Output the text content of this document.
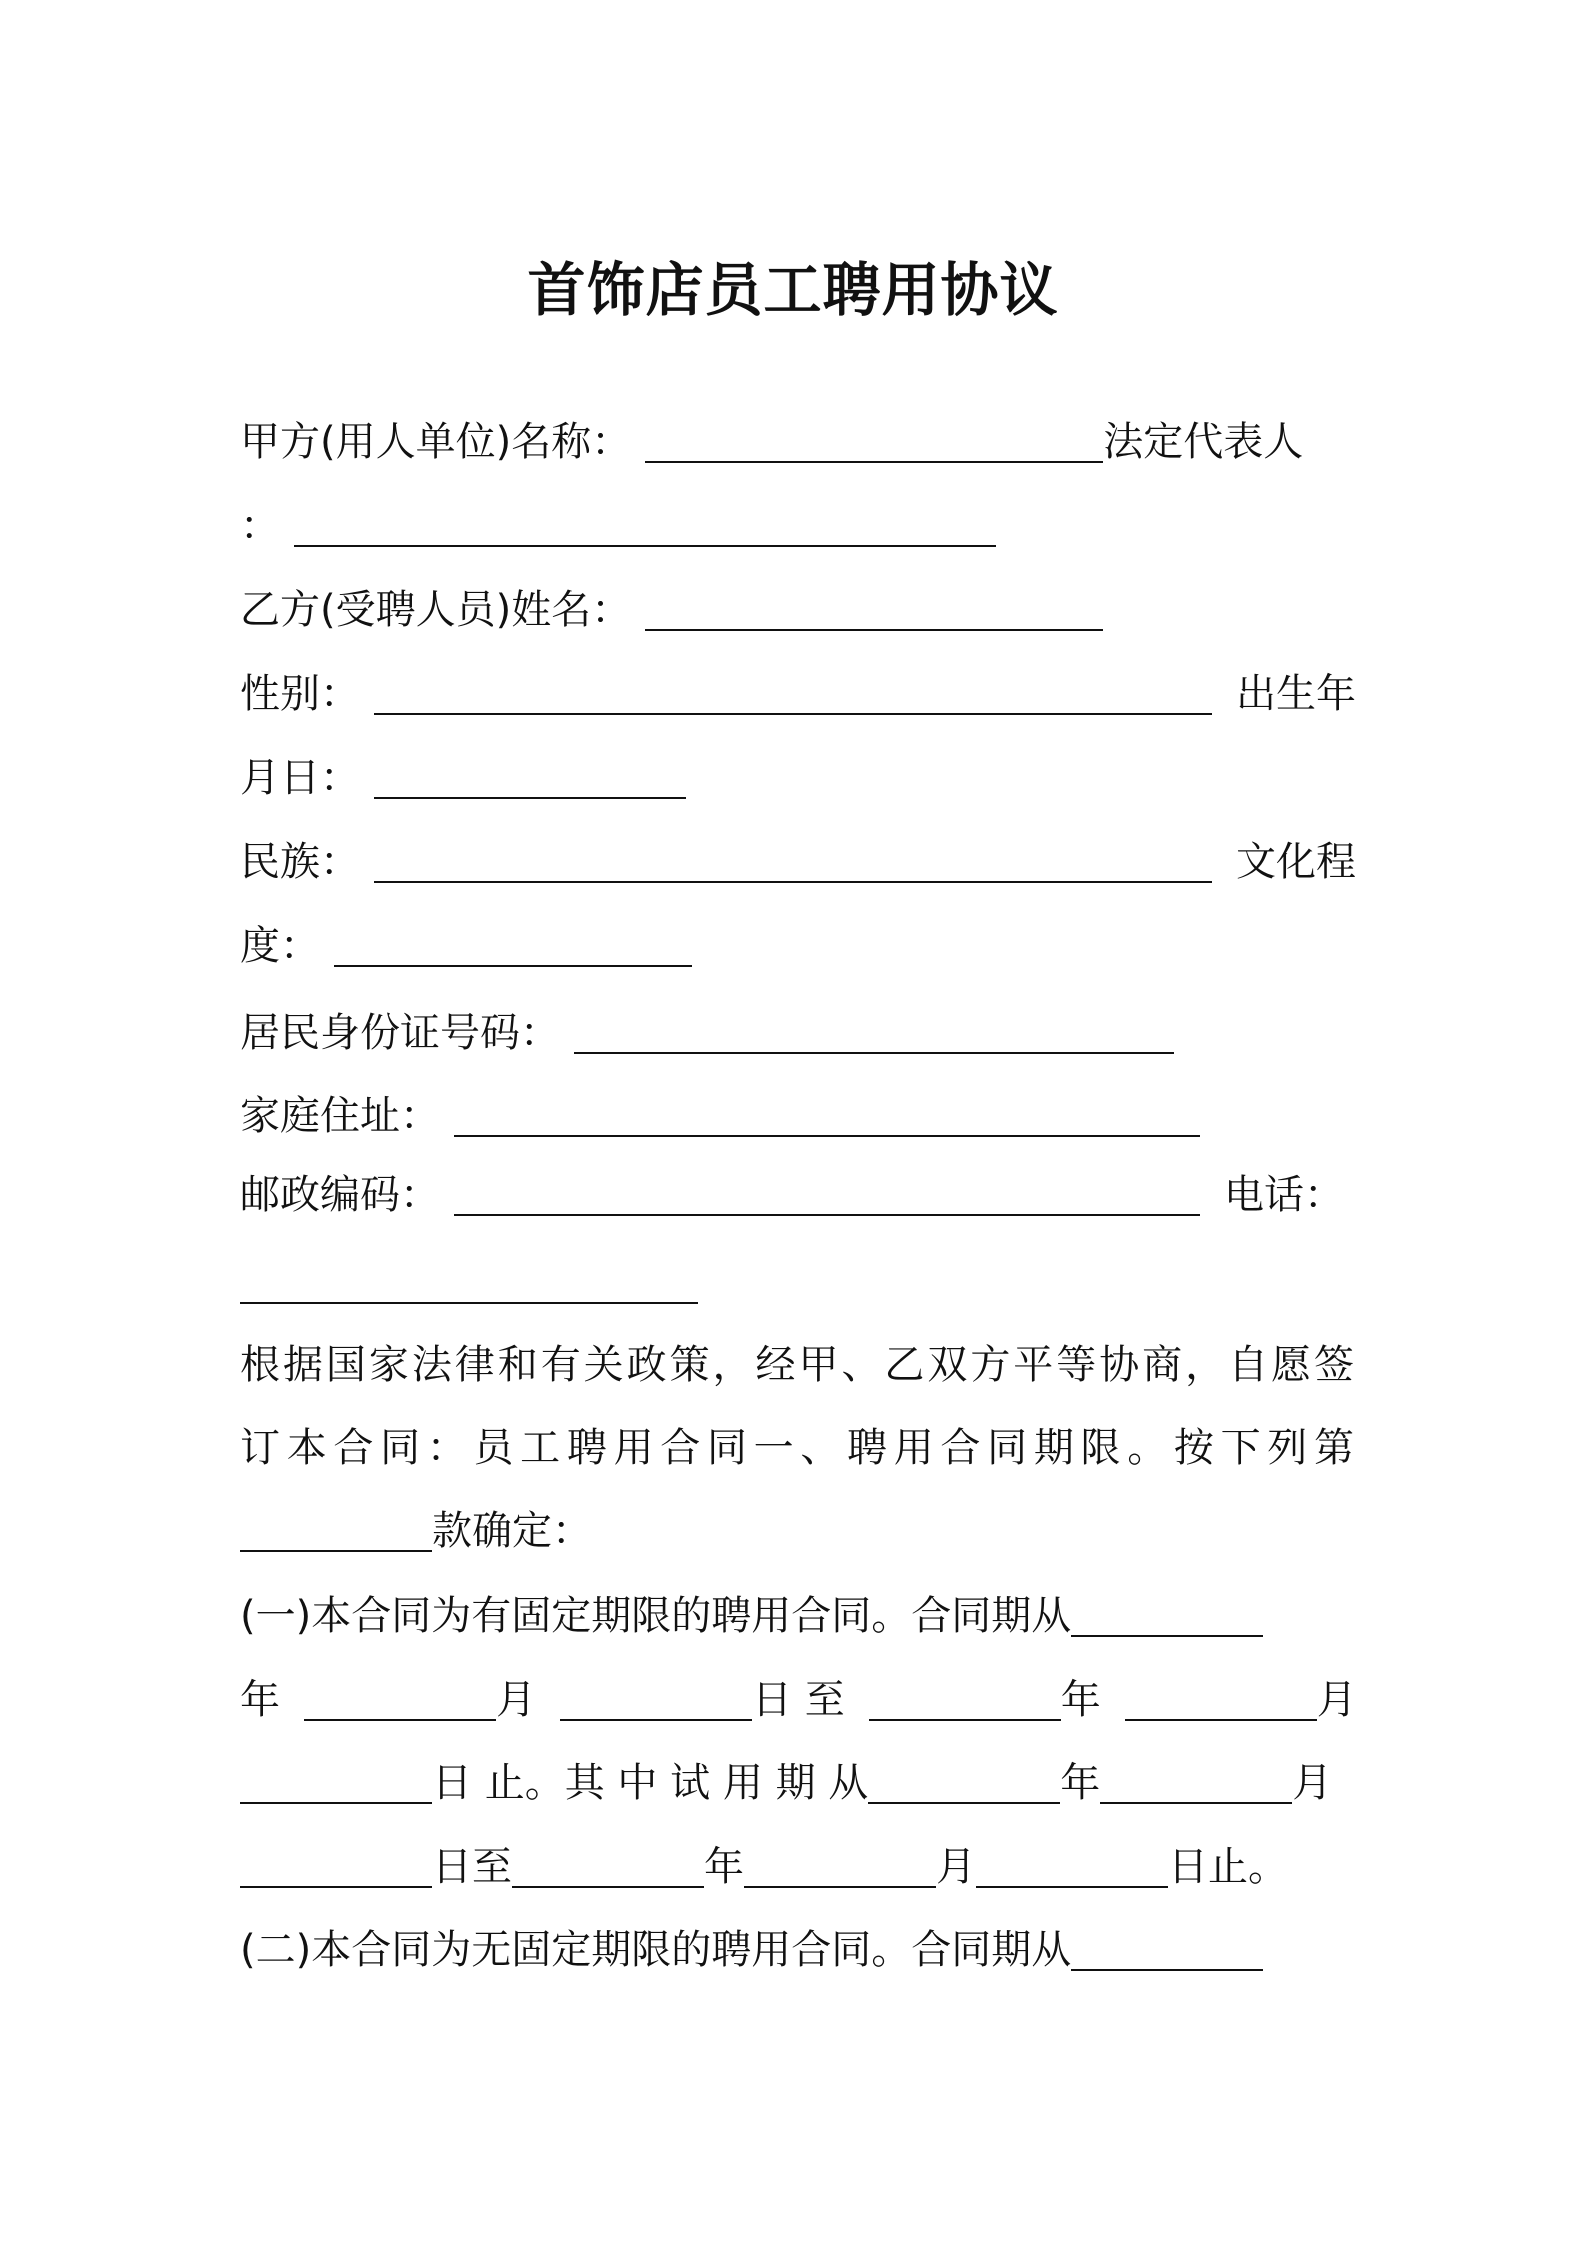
首饰店员工聘用协议
甲方(用人单位)名称：	法定代表人
：
乙方(受聘人员)姓名：
性别：	出生年
月日：
民族：	文化程
度：
居民身份证号码：
家庭住址：
邮政编码：	电话：
根据国家法律和有关政策，经甲、乙双方平等协商，自愿签
订本合同：员工聘用合同一、聘用合同期限。按下列第
款确定：
(一)本合同为有固定期限的聘用合同。合同期从
年	月	日 至	年	月
日 止。其 中 试 用 期 从	年	月
日至	年	月	日止。
(二)本合同为无固定期限的聘用合同。合同期从
